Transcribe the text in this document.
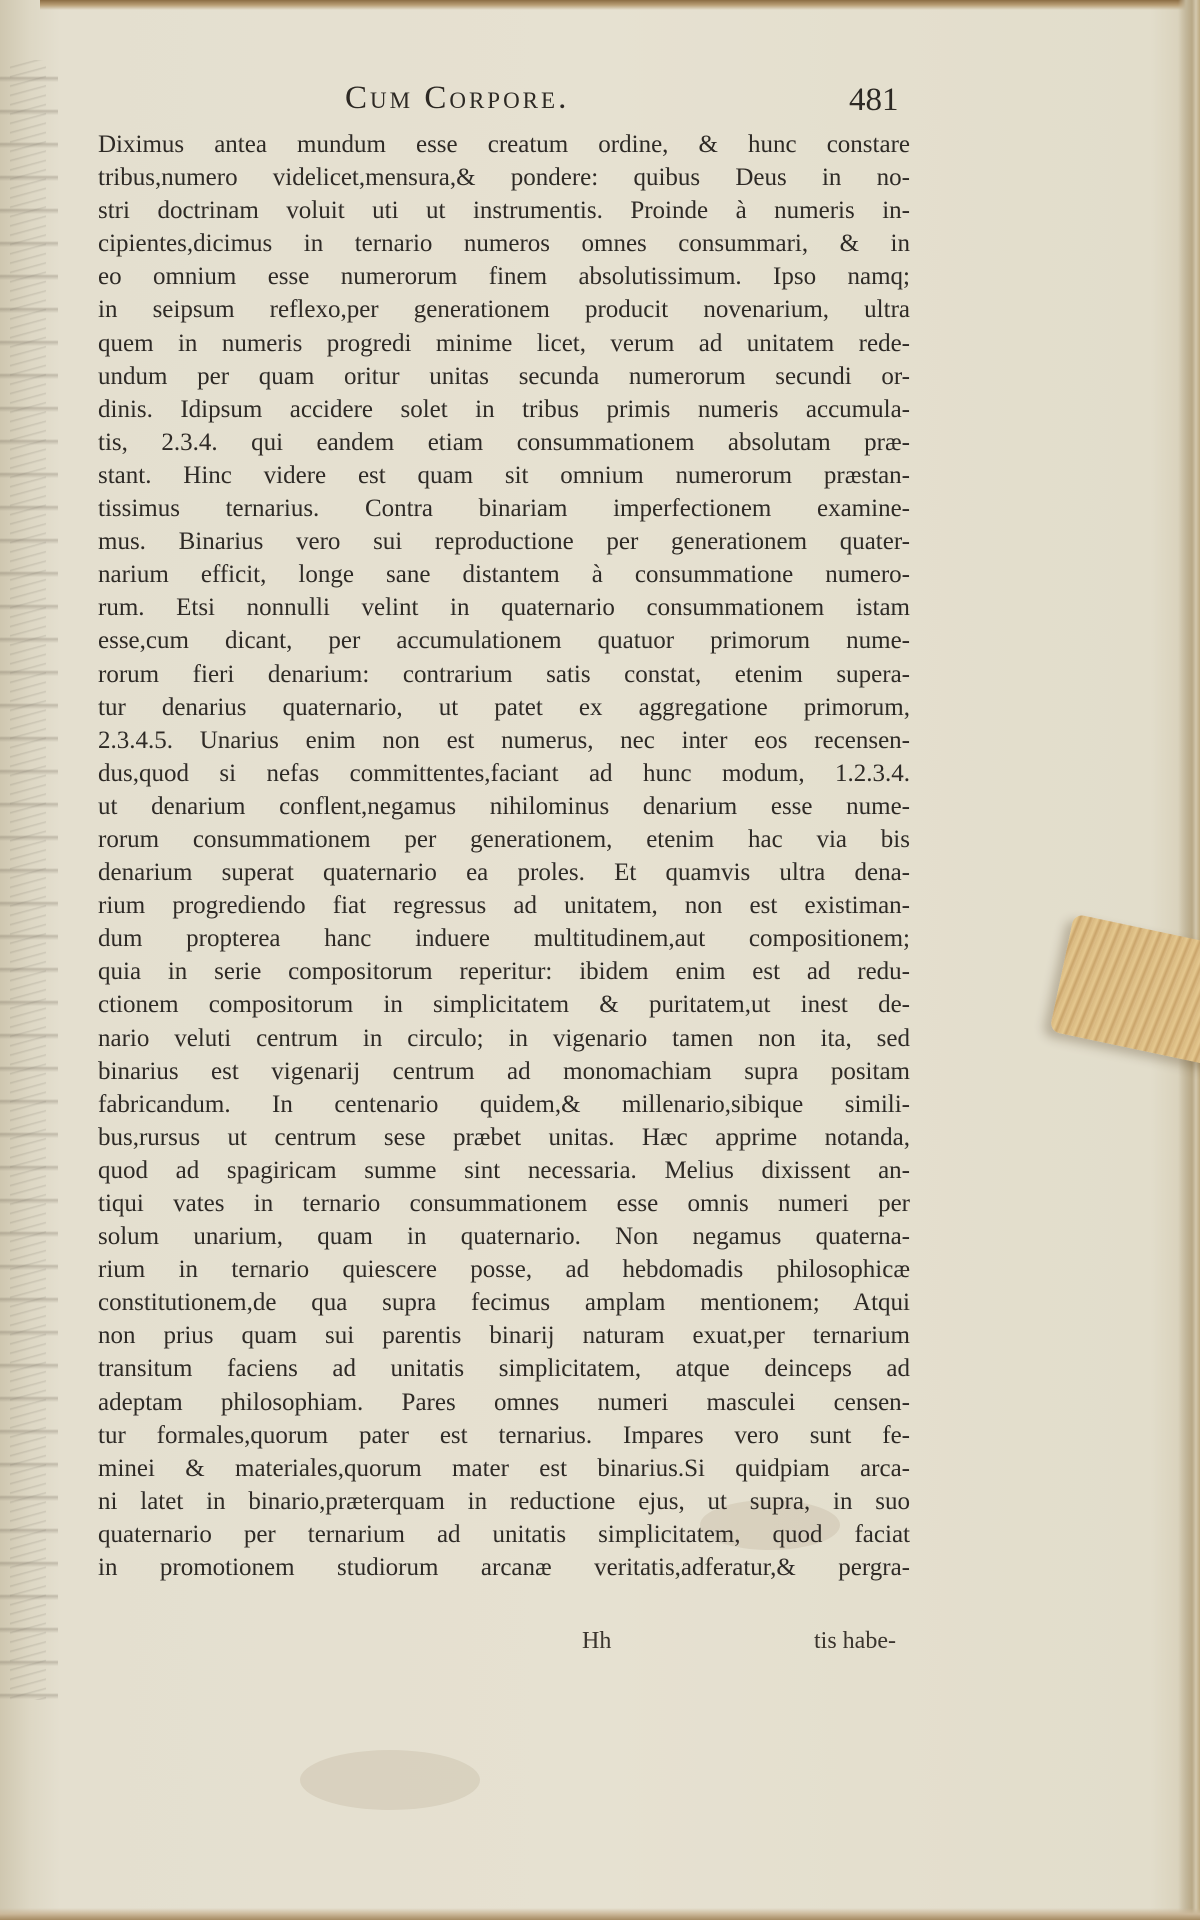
Cum Corpore.	481
Diximus antea mundum esse creatum ordine, & hunc constare
tribus,numero videlicet,mensura,& pondere: quibus Deus in no-
stri doctrinam voluit uti ut instrumentis. Proinde à numeris in-
cipientes,dicimus in ternario numeros omnes consummari, & in
eo omnium esse numerorum finem absolutissimum. Ipso namq;
in seipsum reflexo,per generationem producit novenarium, ultra
quem in numeris progredi minime licet, verum ad unitatem rede-
undum per quam oritur unitas secunda numerorum secundi or-
dinis. Idipsum accidere solet in tribus primis numeris accumula-
tis, 2.3.4. qui eandem etiam consummationem absolutam præ-
stant. Hinc videre est quam sit omnium numerorum præstan-
tissimus ternarius. Contra binariam imperfectionem examine-
mus. Binarius vero sui reproductione per generationem quater-
narium efficit, longe sane distantem à consummatione numero-
rum. Etsi nonnulli velint in quaternario consummationem istam
esse,cum dicant, per accumulationem quatuor primorum nume-
rorum fieri denarium: contrarium satis constat, etenim supera-
tur denarius quaternario, ut patet ex aggregatione primorum,
2.3.4.5. Unarius enim non est numerus, nec inter eos recensen-
dus,quod si nefas committentes,faciant ad hunc modum, 1.2.3.4.
ut denarium conflent,negamus nihilominus denarium esse nume-
rorum consummationem per generationem, etenim hac via bis
denarium superat quaternario ea proles. Et quamvis ultra dena-
rium progrediendo fiat regressus ad unitatem, non est existiman-
dum propterea hanc induere multitudinem,aut compositionem;
quia in serie compositorum reperitur: ibidem enim est ad redu-
ctionem compositorum in simplicitatem & puritatem,ut inest de-
nario veluti centrum in circulo; in vigenario tamen non ita, sed
binarius est vigenarij centrum ad monomachiam supra positam
fabricandum. In centenario quidem,& millenario,sibique simili-
bus,rursus ut centrum sese præbet unitas. Hæc apprime notanda,
quod ad spagiricam summe sint necessaria. Melius dixissent an-
tiqui vates in ternario consummationem esse omnis numeri per
solum unarium, quam in quaternario. Non negamus quaterna-
rium in ternario quiescere posse, ad hebdomadis philosophicæ
constitutionem,de qua supra fecimus amplam mentionem; Atqui
non prius quam sui parentis binarij naturam exuat,per ternarium
transitum faciens ad unitatis simplicitatem, atque deinceps ad
adeptam philosophiam. Pares omnes numeri masculei censen-
tur formales,quorum pater est ternarius. Impares vero sunt fe-
minei & materiales,quorum mater est binarius.Si quidpiam arca-
ni latet in binario,præterquam in reductione ejus, ut supra, in suo
quaternario per ternarium ad unitatis simplicitatem, quod faciat
in promotionem studiorum arcanæ veritatis,adferatur,& pergra-
Hh	tis habe-
